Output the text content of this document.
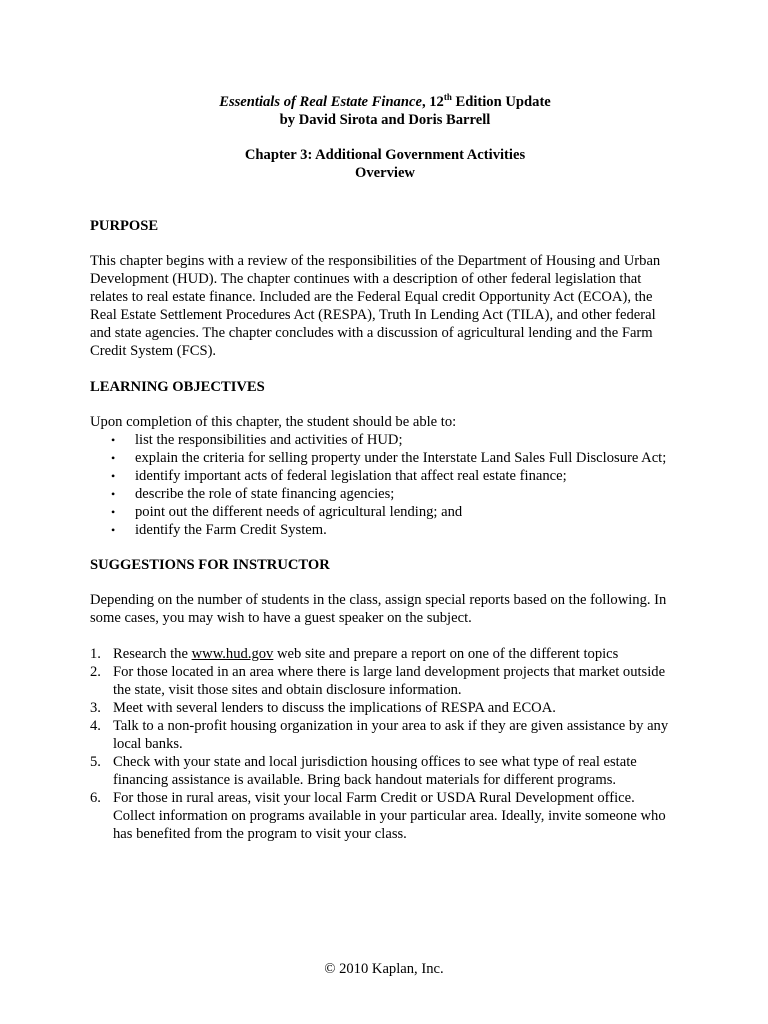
Essentials of Real Estate Finance, 12th Edition Update

by David Sirota and Doris Barrell

Chapter 3: Additional Government Activities

Overview

PURPOSE

This chapter begins with a review of the responsibilities of the Department of Housing and Urban Development (HUD). The chapter continues with a description of other federal legislation that relates to real estate finance. Included are the Federal Equal credit Opportunity Act (ECOA), the Real Estate Settlement Procedures Act (RESPA), Truth In Lending Act (TILA), and other federal and state agencies. The chapter concludes with a discussion of agricultural lending and the Farm Credit System (FCS).

LEARNING OBJECTIVES

Upon completion of this chapter, the student should be able to:

• list the responsibilities and activities of HUD;
• explain the criteria for selling property under the Interstate Land Sales Full Disclosure Act;
• identify important acts of federal legislation that affect real estate finance;
• describe the role of state financing agencies;
• point out the different needs of agricultural lending; and
• identify the Farm Credit System.
SUGGESTIONS FOR INSTRUCTOR

Depending on the number of students in the class, assign special reports based on the following. In some cases, you may wish to have a guest speaker on the subject.

1. Research the www.hud.gov web site and prepare a report on one of the different topics
2. For those located in an area where there is large land development projects that market outside the state, visit those sites and obtain disclosure information.
3. Meet with several lenders to discuss the implications of RESPA and ECOA.
4. Talk to a non-profit housing organization in your area to ask if they are given assistance by any local banks.
5. Check with your state and local jurisdiction housing offices to see what type of real estate financing assistance is available. Bring back handout materials for different programs.
6. For those in rural areas, visit your local Farm Credit or USDA Rural Development office. Collect information on programs available in your particular area. Ideally, invite someone who has benefited from the program to visit your class.
© 2010 Kaplan, Inc.
